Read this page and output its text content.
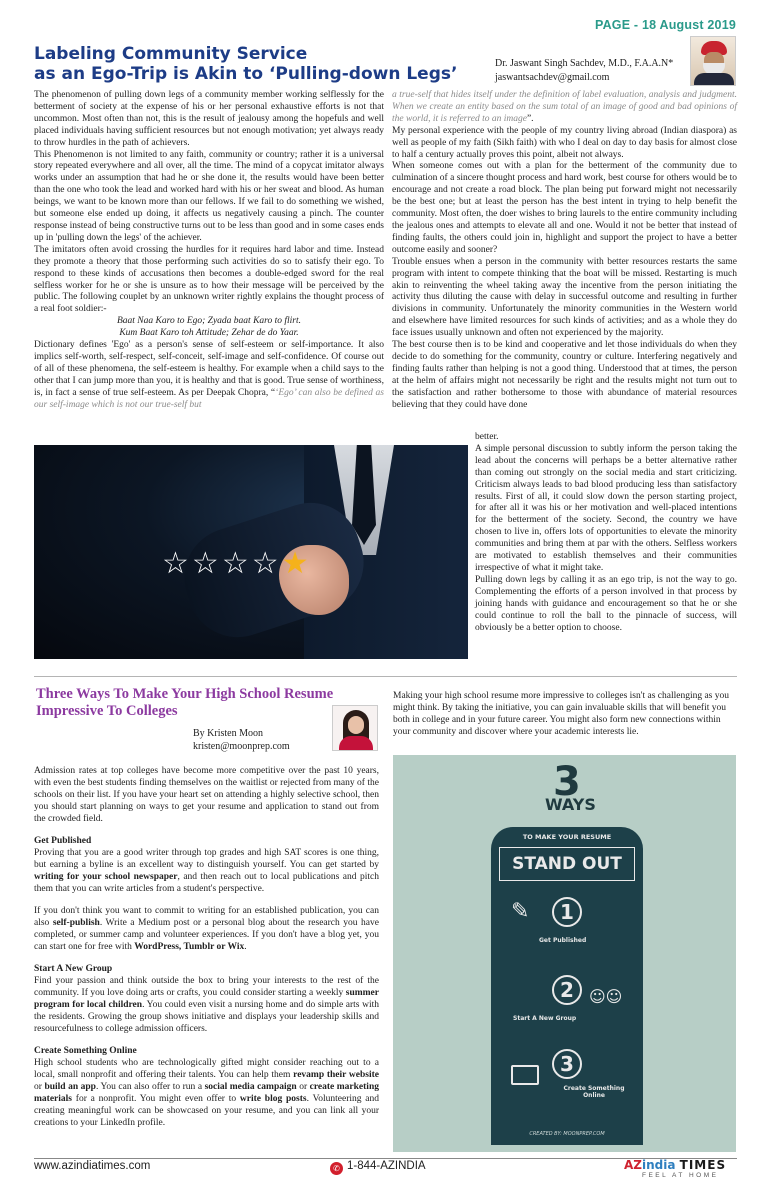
PAGE - 18 August 2019
Labeling Community Service
as an Ego-Trip is Akin to ‘Pulling-down Legs’
Dr. Jaswant Singh Sachdev, M.D., F.A.A.N*
jaswantsachdev@gmail.com

The phenomenon of pulling down legs of a community member working selflessly for the betterment of society at the expense of his or her personal exhaustive efforts is not that uncommon. Most often than not, this is the result of jealousy among the hopefuls and well placed individuals having sufficient resources but not enough motivation; yet always ready to throw hurdles in the path of achievers.

This Phenomenon is not limited to any faith, community or country; rather it is a universal story repeated everywhere and all over, all the time. The mind of a copycat imitator always works under an assumption that had he or she done it, the results would have been better than the one who took the lead and worked hard with his or her sweat and blood. As human beings, we want to be known more than our fellows. If we fail to do something we wished, but someone else ended up doing, it affects us negatively causing a pinch. The counter response instead of being constructive turns out to be less than good and in some cases ends up in 'pulling down the legs' of the achiever.

The imitators often avoid crossing the hurdles for it requires hard labor and time. Instead they promote a theory that those performing such activities do so to satisfy their ego. To respond to these kinds of accusations then becomes a double-edged sword for the real selfless worker for he or she is unsure as to how their message will be perceived by the public. The following couplet by an unknown writer rightly explains the thought process of a real foot soldier:-

Baat Naa Karo to Ego; Zyada baat Karo to flirt.

Kum Baat Karo toh Attitude; Zehar de do Yaar.

Dictionary defines 'Ego' as a person's sense of self-esteem or self-importance. It also implics self-worth, self-respect, self-conceit, self-image and self-confidence. Of course out of all of these phenomena, the self-esteem is healthy. For example when a child says to the other that I can jump more than you, it is healthy and that is good. True sense of worthiness, is, in fact a sense of true self-esteem. As per Deepak Chopra, “‘Ego’ can also be defined as our self-image which is not our true-self but

a true-self that hides itself under the definition of label evaluation, analysis and judgment. When we create an entity based on the sum total of an image of good and bad opinions of the world, it is referred to an image”.

My personal experience with the people of my country living abroad (Indian diaspora) as well as people of my faith (Sikh faith) with who I deal on day to day basis for almost close to half a century actually proves this point, albeit not always.

When someone comes out with a plan for the betterment of the community due to culmination of a sincere thought process and hard work, best course for others would be to encourage and not create a road block. The plan being put forward might not necessarily be the best one; but at least the person has the best intent in trying to help benefit the community. Most often, the doer wishes to bring laurels to the entire community including the jealous ones and attempts to elevate all and one. Would it not be better that instead of finding faults, the others could join in, highlight and support the project to have a better outcome easily and sooner?

Trouble ensues when a person in the community with better resources restarts the same program with intent to compete thinking that the boat will be missed. Restarting is much akin to reinventing the wheel taking away the incentive from the person initiating the activity thus diluting the cause with delay in successful outcome and resulting in further divisions in community. Unfortunately the minority communities in the Western world and elsewhere have limited resources for such kinds of activities; and as a whole they do face issues usually unknown and often not experienced by the majority.

The best course then is to be kind and cooperative and let those individuals do when they decide to do something for the community, country or culture. Interfering negatively and finding faults rather than helping is not a good thing. Understood that at times, the person at the helm of affairs might not necessarily be right and the results might not turn out to the satisfaction and rather bothersome to those with abundance of material resources believing that they could have done

☆ ☆ ☆ ☆ ★

better.

A simple personal discussion to subtly inform the person taking the lead about the concerns will perhaps be a better alternative rather than coming out strongly on the social media and start criticizing. Criticism always leads to bad blood producing less than satisfactory results. First of all, it could slow down the person starting project, for after all it was his or her motivation and well-placed intentions for the betterment of the society. Second, the country we have chosen to live in, offers lots of opportunities to elevate the minority communities and bring them at par with the others. Selfless workers are motivated to establish themselves and their communities irrespective of what it might take.

Pulling down legs by calling it as an ego trip, is not the way to go. Complementing the efforts of a person involved in that process by joining hands with guidance and encouragement so that he or she could continue to roll the ball to the pinnacle of success, will obviously be a better option to choose.

Three Ways To Make Your High School Resume
Impressive To Colleges
By Kristen Moon
kristen@moonprep.com

Admission rates at top colleges have become more competitive over the past 10 years, with even the best students finding themselves on the waitlist or rejected from many of the schools on their list. If you have your heart set on attending a highly selective school, then you should start planning on ways to get your resume and application to stand out from the crowded field.

Get Published

Proving that you are a good writer through top grades and high SAT scores is one thing, but earning a byline is an excellent way to distinguish yourself. You can get started by writing for your school newspaper, and then reach out to local publications and pitch them that you can write articles from a student's perspective.

If you don't think you want to commit to writing for an established publication, you can also self-publish. Write a Medium post or a personal blog about the research you have completed, or summer camp and volunteer experiences. If you don't have a blog yet, you can start one for free with WordPress, Tumblr or Wix.

Start A New Group

Find your passion and think outside the box to bring your interests to the rest of the community. If you love doing arts or crafts, you could consider starting a weekly summer program for local children. You could even visit a nursing home and do simple arts with the residents. Growing the group shows initiative and displays your leadership skills and resourcefulness to college admission officers.

Create Something Online

High school students who are technologically gifted might consider reaching out to a local, small nonprofit and offering their talents. You can help them revamp their website or build an app. You can also offer to run a social media campaign or create marketing materials for a nonprofit. You might even offer to write blog posts. Volunteering and creating meaningful work can be showcased on your resume, and you can link all your creations to your LinkedIn profile.

Making your high school resume more impressive to colleges isn't as challenging as you might think. By taking the initiative, you can gain invaluable skills that will benefit you both in college and in your future career. You might also form new connections within your community and discover where your academic interests lie.

3
WAYS
TO MAKE YOUR RESUME
STAND OUT
1
✎
Get Published
2 ☺☺
Start A New Group
3
Create Something Online
CREATED BY: MOONPREP.COM
www.azindiatimes.com	✆ 1-844-AZINDIA	AZindia TIMES
FEEL AT HOME
